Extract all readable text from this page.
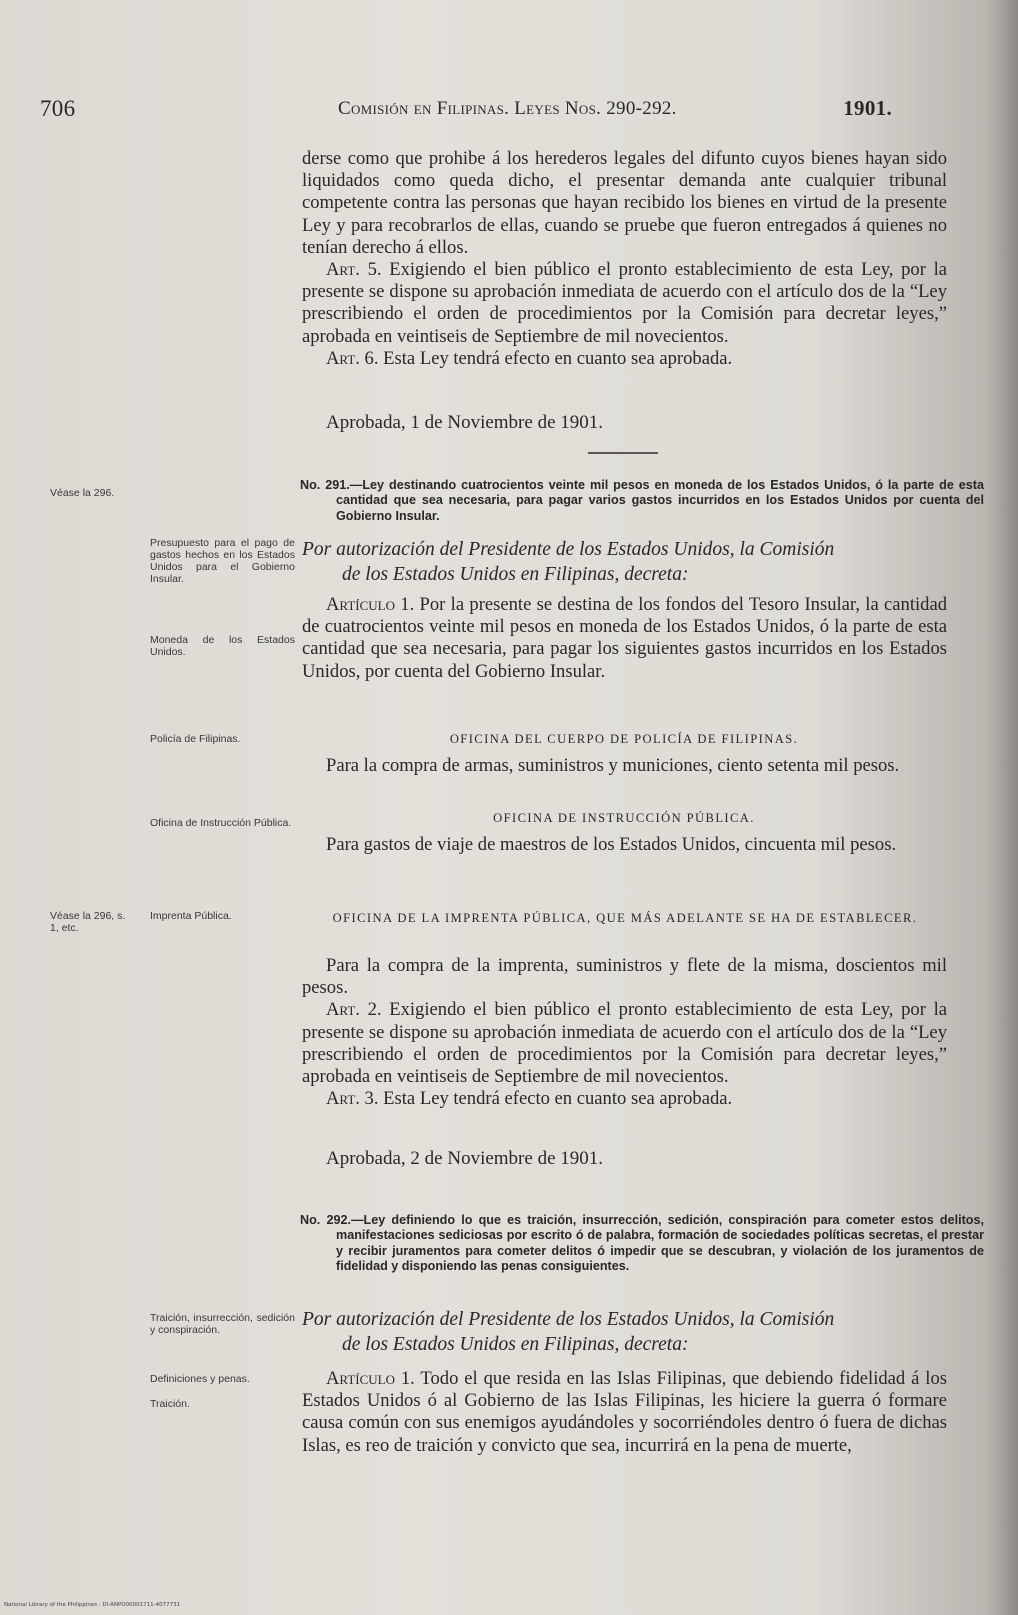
706	Comisión en Filipinas. Leyes Nos. 290-292.	1901.

derse como que prohibe á los herederos legales del difunto cuyos bienes hayan sido liquidados como queda dicho, el presentar demanda ante cualquier tribunal competente contra las personas que hayan recibido los bienes en virtud de la presente Ley y para recobrarlos de ellas, cuando se pruebe que fueron entregados á quienes no tenían derecho á ellos.

Art. 5. Exigiendo el bien público el pronto establecimiento de esta Ley, por la presente se dispone su aprobación inmediata de acuerdo con el artículo dos de la “Ley prescribiendo el orden de procedimientos por la Comisión para decretar leyes,” aprobada en veintiseis de Septiembre de mil novecientos.

Art. 6. Esta Ley tendrá efecto en cuanto sea aprobada.

Aprobada, 1 de Noviembre de 1901.
No. 291.—Ley destinando cuatrocientos veinte mil pesos en moneda de los Estados Unidos, ó la parte de esta cantidad que sea necesaria, para pagar varios gastos incurridos en los Estados Unidos por cuenta del Gobierno Insular.
Por autorización del Presidente de los Estados Unidos, la Comisión
de los Estados Unidos en Filipinas, decreta:

Artículo 1. Por la presente se destina de los fondos del Tesoro Insular, la cantidad de cuatrocientos veinte mil pesos en moneda de los Estados Unidos, ó la parte de esta cantidad que sea necesaria, para pagar los siguientes gastos incurridos en los Estados Unidos, por cuenta del Gobierno Insular.

OFICINA DEL CUERPO DE POLICÍA DE FILIPINAS.

Para la compra de armas, suministros y municiones, ciento setenta mil pesos.

OFICINA DE INSTRUCCIÓN PÚBLICA.

Para gastos de viaje de maestros de los Estados Unidos, cincuenta mil pesos.

OFICINA DE LA IMPRENTA PÚBLICA, QUE MÁS ADELANTE SE HA DE ESTABLECER.

Para la compra de la imprenta, suministros y flete de la misma, doscientos mil pesos.

Art. 2. Exigiendo el bien público el pronto establecimiento de esta Ley, por la presente se dispone su aprobación inmediata de acuerdo con el artículo dos de la “Ley prescribiendo el orden de procedimientos por la Comisión para decretar leyes,” aprobada en veintiseis de Septiembre de mil novecientos.

Art. 3. Esta Ley tendrá efecto en cuanto sea aprobada.

Aprobada, 2 de Noviembre de 1901.
No. 292.—Ley definiendo lo que es traición, insurrección, sedición, conspiración para cometer estos delitos, manifestaciones sediciosas por escrito ó de palabra, formación de sociedades políticas secretas, el prestar y recibir juramentos para cometer delitos ó impedir que se descubran, y violación de los juramentos de fidelidad y disponiendo las penas consiguientes.
Por autorización del Presidente de los Estados Unidos, la Comisión
de los Estados Unidos en Filipinas, decreta:

Artículo 1. Todo el que resida en las Islas Filipinas, que debiendo fidelidad á los Estados Unidos ó al Gobierno de las Islas Filipinas, les hiciere la guerra ó formare causa común con sus enemigos ayudándoles y socorriéndoles dentro ó fuera de dichas Islas, es reo de traición y convicto que sea, incurrirá en la pena de muerte,

Véase la 296.
Véase la 296, s. 1, etc.
Presupuesto para el pago de gastos hechos en los Estados Unidos para el Gobierno Insular.
Moneda de los Estados Unidos.
Policía de Filipinas.
Oficina de Instrucción Pública.
Imprenta Pública.
Traición, insurrección, sedición y conspiración.
Definiciones y penas.
Traición.
National Library of the Philippines · DI-ANPO00001711-4077731
